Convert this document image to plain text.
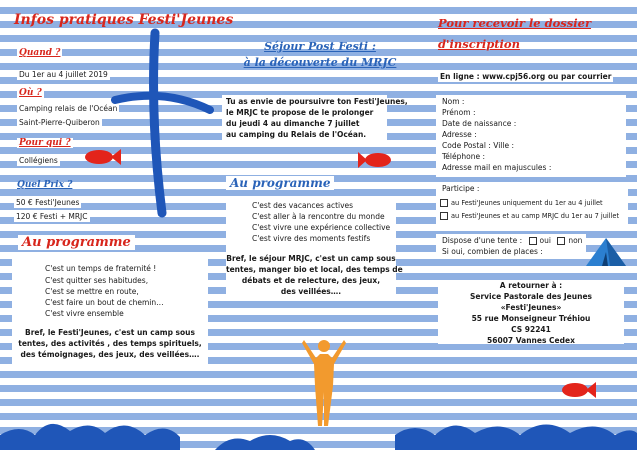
Infos pratiques Festi'Jeunes
Quand ?
Du 1er au 4 juillet 2019
Où ?
Camping relais de l'Océan
Saint-Pierre-Quiberon
Pour qui ?
Collégiens
Quel Prix ?
50 € Festi'Jeunes
120 € Festi + MRJC
Au programme
C'est un temps de fraternité !
C'est quitter ses habitudes,
C'est se mettre en route,
C'est faire un bout de chemin…
C'est vivre ensemble
Bref, le Festi'Jeunes, c'est un camp sous
tentes, des activités , des temps spirituels,
des témoignages, des jeux, des veillées….
Séjour Post Festi :
à la découverte du MRJC
Tu as envie de poursuivre ton Festi'Jeunes,
le MRJC te propose de le prolonger
du jeudi 4 au dimanche 7 juillet
au camping du Relais de l'Océan.
Au programme
C'est des vacances actives
C'est aller à la rencontre du monde
C'est vivre une expérience collective
C'est vivre des moments festifs
Bref, le séjour MRJC, c'est un camp sous
tentes, manger bio et local, des temps de
débats et de relecture, des jeux,
des veillées….
Pour recevoir le dossier
d'inscription
En ligne : www.cpj56.org ou par courrier
Nom :
Prénom :
Date de naissance :
Adresse :
Code Postal : Ville :
Téléphone :
Adresse mail en majuscules :
Participe :
au Festi'Jeunes uniquement du 1er au 4 juillet
au Festi'Jeunes et au camp MRJC du 1er au 7 juillet
Dispose d'une tente : oui non
Si oui, combien de places :
A retourner à :
Service Pastorale des Jeunes
«Festi'Jeunes»
55 rue Monseigneur Tréhiou
CS 92241
56007 Vannes Cedex
